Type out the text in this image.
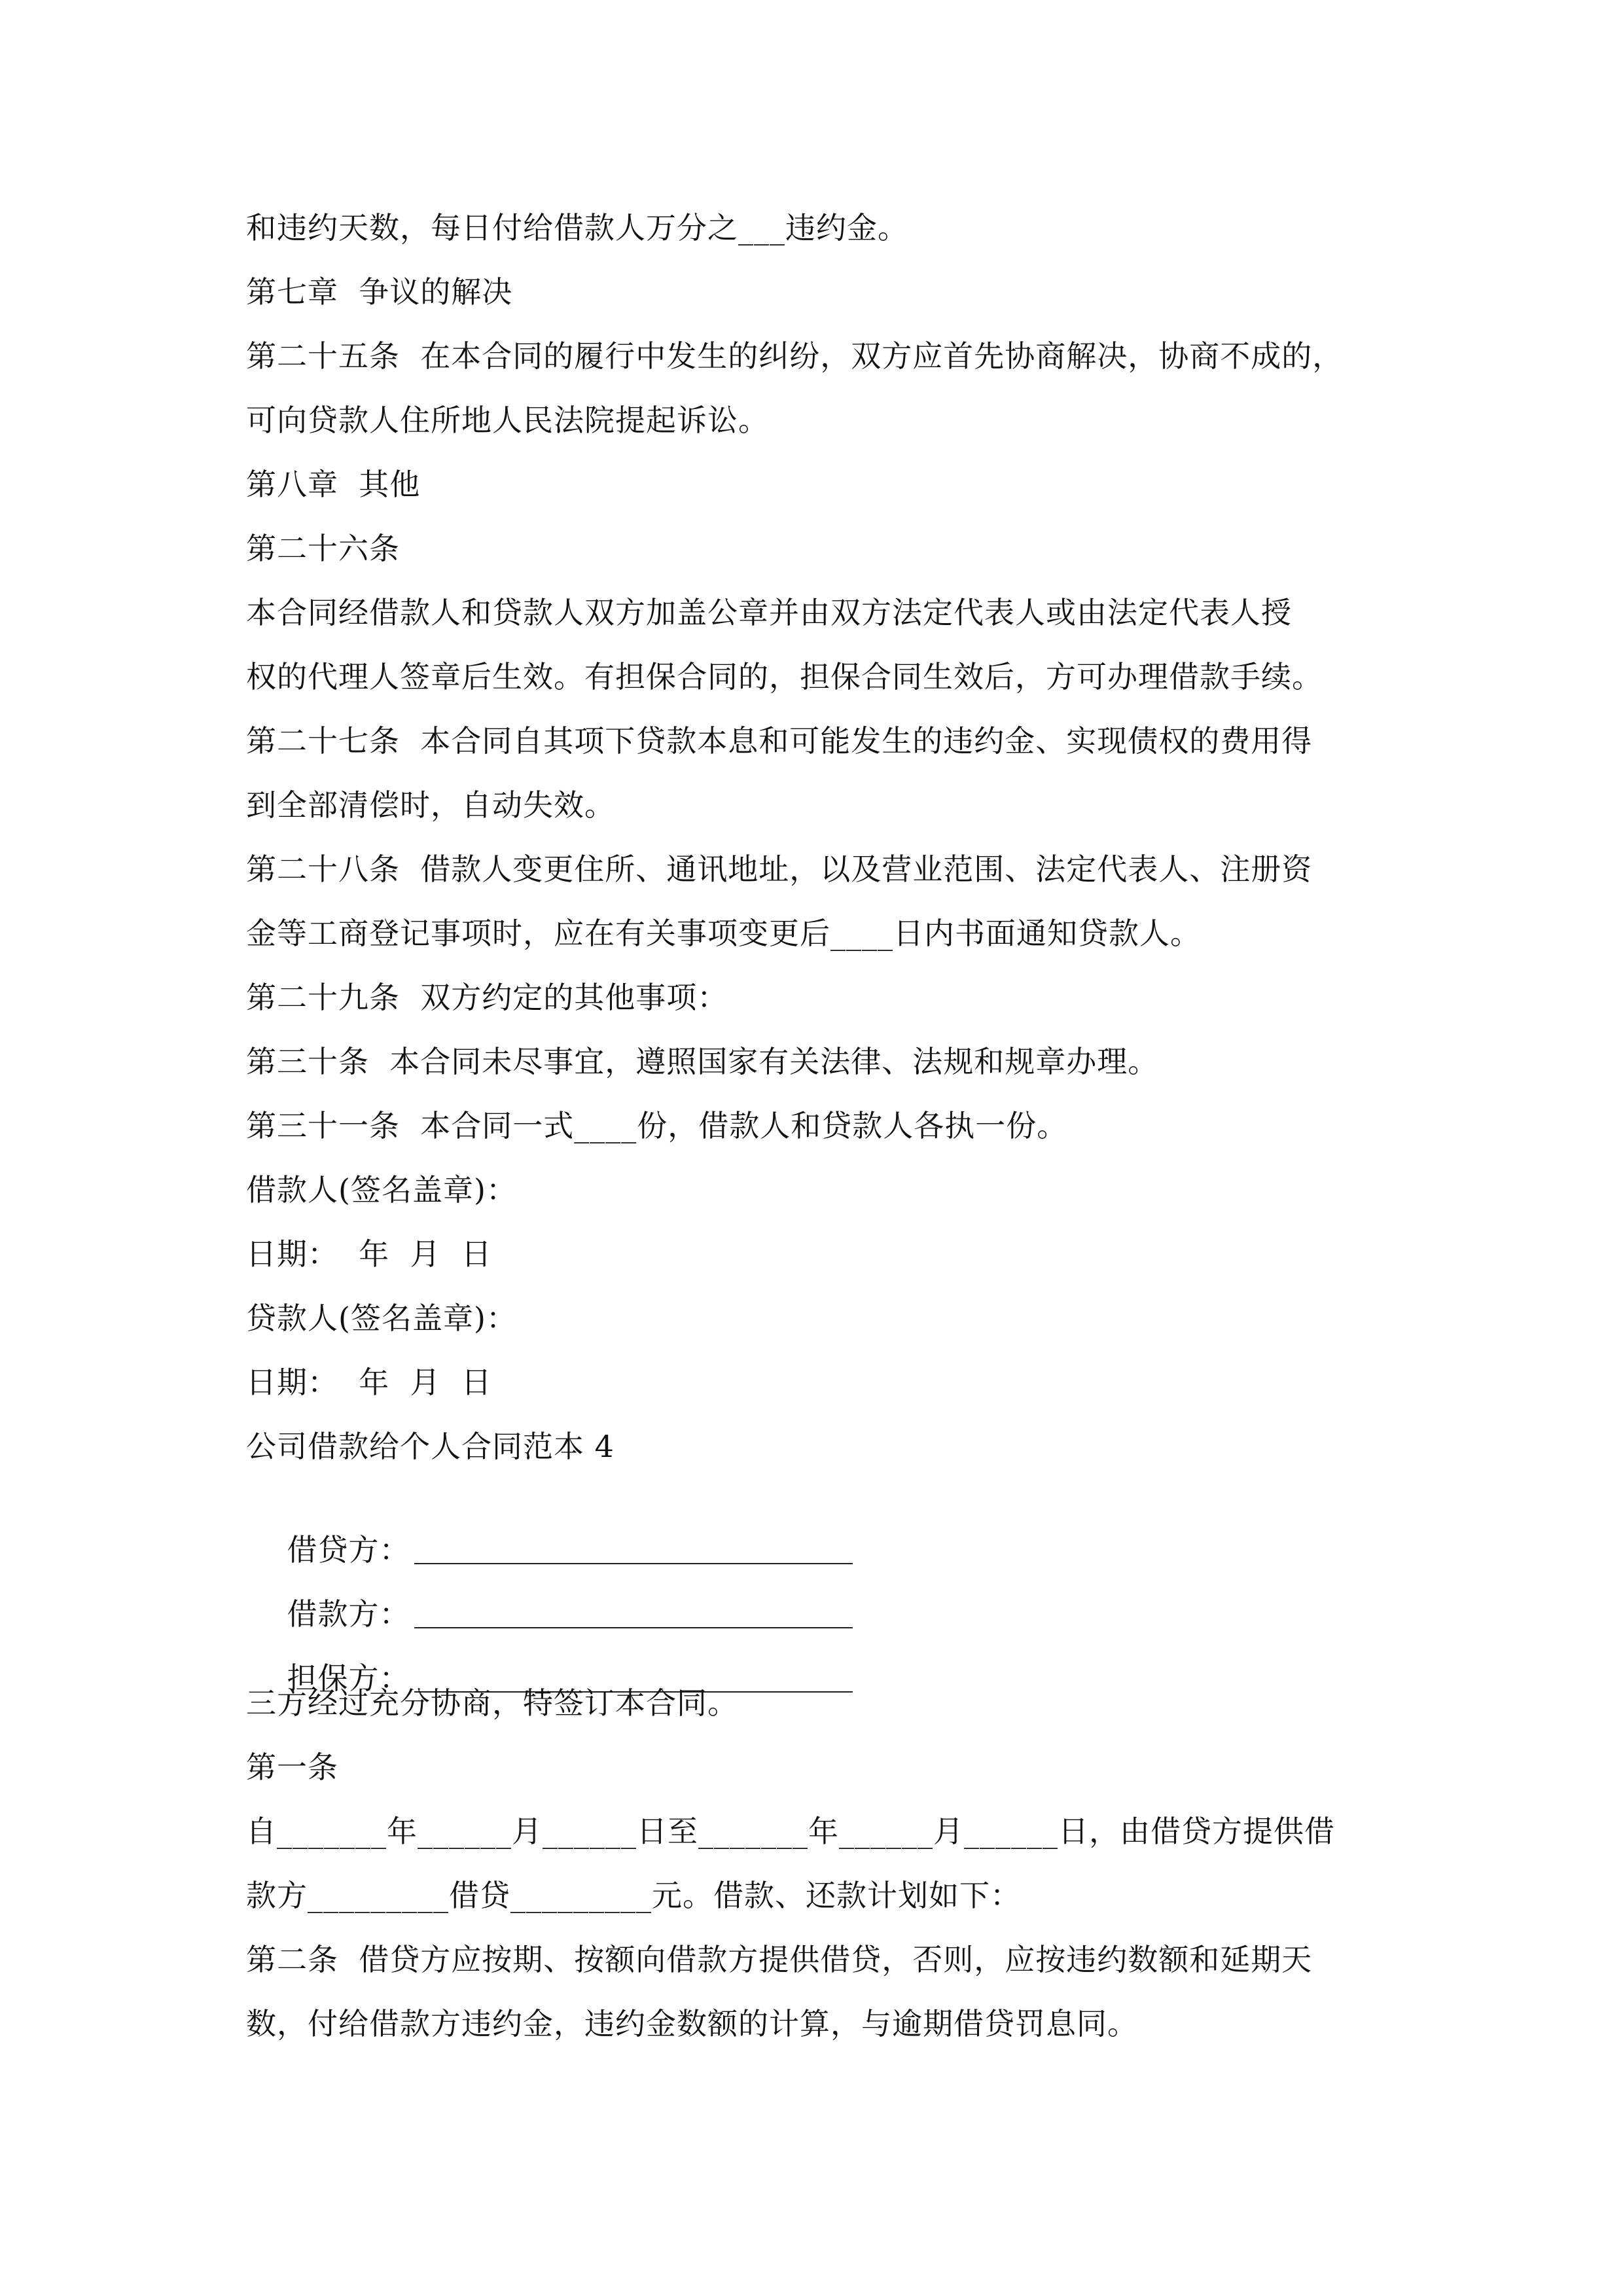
和违约天数，每日付给借款人万分之___违约金。
第七章  争议的解决
第二十五条  在本合同的履行中发生的纠纷，双方应首先协商解决，协商不成的，
可向贷款人住所地人民法院提起诉讼。
第八章  其他
第二十六条
本合同经借款人和贷款人双方加盖公章并由双方法定代表人或由法定代表人授
权的代理人签章后生效。有担保合同的，担保合同生效后，方可办理借款手续。
第二十七条  本合同自其项下贷款本息和可能发生的违约金、实现债权的费用得
到全部清偿时，自动失效。
第二十八条  借款人变更住所、通讯地址，以及营业范围、法定代表人、注册资
金等工商登记事项时，应在有关事项变更后____日内书面通知贷款人。
第二十九条  双方约定的其他事项：
第三十条  本合同未尽事宜，遵照国家有关法律、法规和规章办理。
第三十一条  本合同一式____份，借款人和贷款人各执一份。
借款人(签名盖章)：
日期：  年  月  日
贷款人(签名盖章)：
日期：  年  月  日
公司借款给个人合同范本 4

借贷方：

借款方：

担保方：

三方经过充分协商，特签订本合同。
第一条
自_______年______月______日至_______年______月______日，由借贷方提供借
款方_________借贷_________元。借款、还款计划如下：
第二条  借贷方应按期、按额向借款方提供借贷，否则，应按违约数额和延期天
数，付给借款方违约金，违约金数额的计算，与逾期借贷罚息同。
